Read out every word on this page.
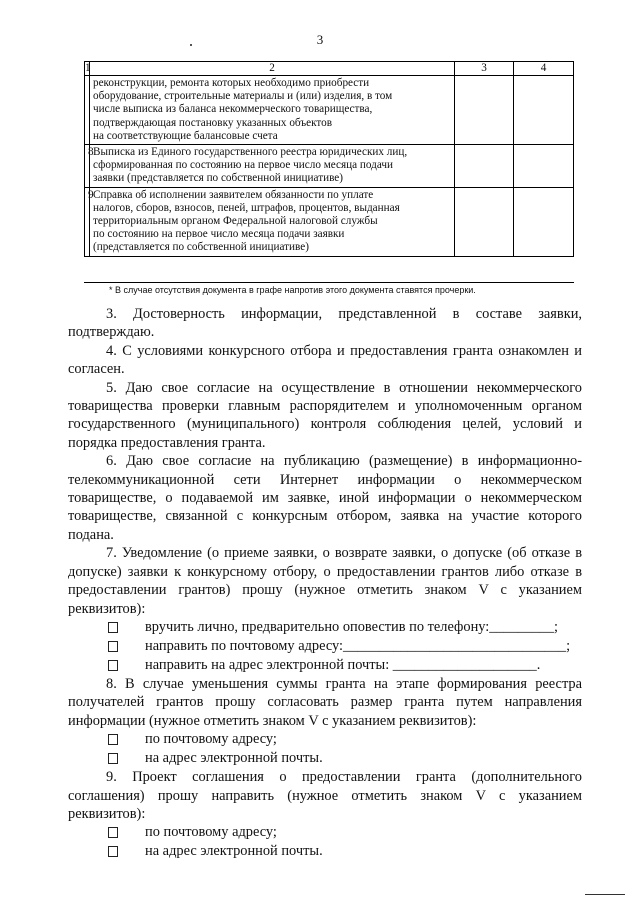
3
1	2	3	4

	реконструкции, ремонта которых необходимо приобрести
оборудование, строительные материалы и (или) изделия, в том
числе выписка из баланса некоммерческого товарищества,
подтверждающая постановку указанных объектов
на соответствующие балансовые счета		

8	Выписка из Единого государственного реестра юридических лиц,
сформированная по состоянию на первое число месяца подачи
заявки (представляется по собственной инициативе)		

9	Справка об исполнении заявителем обязанности по уплате
налогов, сборов, взносов, пеней, штрафов, процентов, выданная
территориальным органом Федеральной налоговой службы
по состоянию на первое число месяца подачи заявки
(представляется по собственной инициативе)		

* В случае отсутствия документа в графе напротив этого документа ставятся прочерки.

3. Достоверность информации, представленной в составе заявки, подтверждаю.

4. С условиями конкурсного отбора и предоставления гранта ознакомлен и согласен.

5. Даю свое согласие на осуществление в отношении некоммерческого товарищества проверки главным распорядителем и уполномоченным органом государственного (муниципального) контроля соблюдения целей, условий и порядка предоставления гранта.

6. Даю свое согласие на публикацию (размещение) в информационно-телекоммуникационной сети Интернет информации о некоммерческом товариществе, о подаваемой им заявке, иной информации о некоммерческом товариществе, связанной с конкурсным отбором, заявка на участие которого подана.

7. Уведомление (о приеме заявки, о возврате заявки, о допуске (об отказе в допуске) заявки к конкурсному отбору, о предоставлении грантов либо отказе в предоставлении грантов) прошу (нужное отметить знаком V с указанием реквизитов):

вручить лично, предварительно оповестив по телефону:_________;
направить по почтовому адресу:_______________________________;
направить на адрес электронной почты: ____________________.

8. В случае уменьшения суммы гранта на этапе формирования реестра получателей грантов прошу согласовать размер гранта путем направления информации (нужное отметить знаком V с указанием реквизитов):

по почтовому адресу;
на адрес электронной почты.

9. Проект соглашения о предоставлении гранта (дополнительного соглашения) прошу направить (нужное отметить знаком V с указанием реквизитов):

по почтовому адресу;
на адрес электронной почты.
